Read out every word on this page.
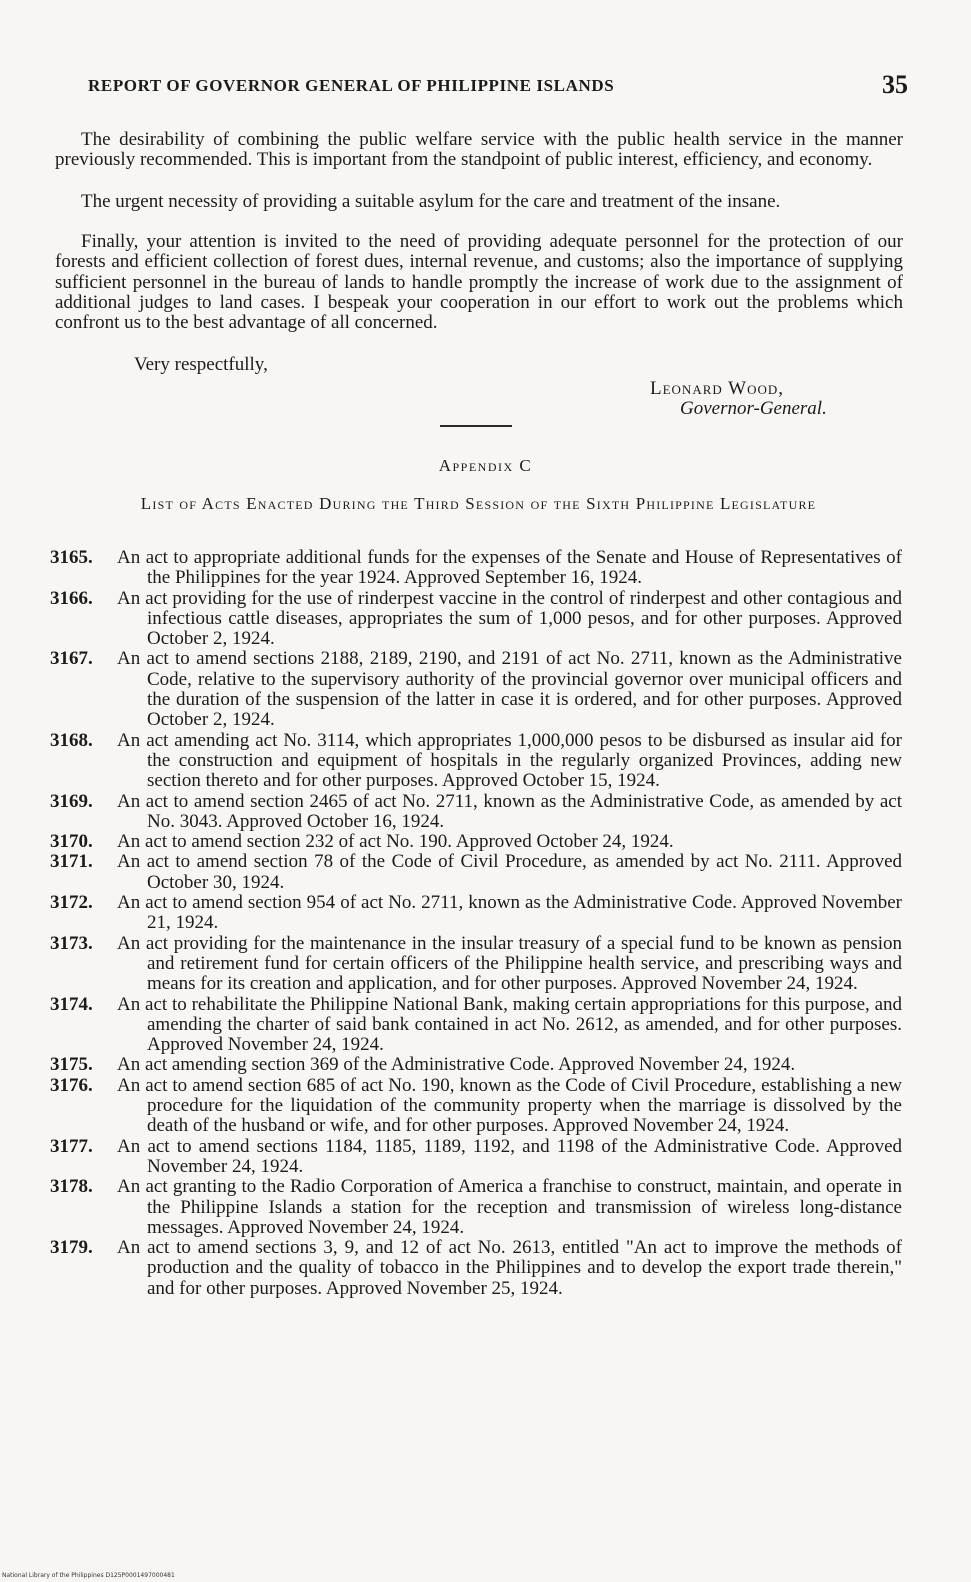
REPORT OF GOVERNOR GENERAL OF PHILIPPINE ISLANDS	35

The desirability of combining the public welfare service with the public health service in the manner previously recommended. This is important from the standpoint of public interest, efficiency, and economy.

The urgent necessity of providing a suitable asylum for the care and treatment of the insane.

Finally, your attention is invited to the need of providing adequate personnel for the protection of our forests and efficient collection of forest dues, internal revenue, and customs; also the importance of supplying sufficient personnel in the bureau of lands to handle promptly the increase of work due to the assignment of additional judges to land cases. I bespeak your cooperation in our effort to work out the problems which confront us to the best advantage of all concerned.

Very respectfully,
Leonard Wood,
Governor-General.
Appendix C
List of Acts Enacted During the Third Session of the Sixth Philippine Legislature
3165. An act to appropriate additional funds for the expenses of the Senate and House of Representatives of the Philippines for the year 1924. Approved September 16, 1924.
3166. An act providing for the use of rinderpest vaccine in the control of rinderpest and other contagious and infectious cattle diseases, appropriates the sum of 1,000 pesos, and for other purposes. Approved October 2, 1924.
3167. An act to amend sections 2188, 2189, 2190, and 2191 of act No. 2711, known as the Administrative Code, relative to the supervisory authority of the provincial governor over municipal officers and the duration of the suspension of the latter in case it is ordered, and for other purposes. Approved October 2, 1924.
3168. An act amending act No. 3114, which appropriates 1,000,000 pesos to be disbursed as insular aid for the construction and equipment of hospitals in the regularly organized Provinces, adding new section thereto and for other purposes. Approved October 15, 1924.
3169. An act to amend section 2465 of act No. 2711, known as the Administrative Code, as amended by act No. 3043. Approved October 16, 1924.
3170. An act to amend section 232 of act No. 190. Approved October 24, 1924.
3171. An act to amend section 78 of the Code of Civil Procedure, as amended by act No. 2111. Approved October 30, 1924.
3172. An act to amend section 954 of act No. 2711, known as the Administrative Code. Approved November 21, 1924.
3173. An act providing for the maintenance in the insular treasury of a special fund to be known as pension and retirement fund for certain officers of the Philippine health service, and prescribing ways and means for its creation and application, and for other purposes. Approved November 24, 1924.
3174. An act to rehabilitate the Philippine National Bank, making certain appropriations for this purpose, and amending the charter of said bank contained in act No. 2612, as amended, and for other purposes. Approved November 24, 1924.
3175. An act amending section 369 of the Administrative Code. Approved November 24, 1924.
3176. An act to amend section 685 of act No. 190, known as the Code of Civil Procedure, establishing a new procedure for the liquidation of the community property when the marriage is dissolved by the death of the husband or wife, and for other purposes. Approved November 24, 1924.
3177. An act to amend sections 1184, 1185, 1189, 1192, and 1198 of the Administrative Code. Approved November 24, 1924.
3178. An act granting to the Radio Corporation of America a franchise to construct, maintain, and operate in the Philippine Islands a station for the reception and transmission of wireless long-distance messages. Approved November 24, 1924.
3179. An act to amend sections 3, 9, and 12 of act No. 2613, entitled "An act to improve the methods of production and the quality of tobacco in the Philippines and to develop the export trade therein," and for other purposes. Approved November 25, 1924.
National Library of the Philippines D125P0001497000481
